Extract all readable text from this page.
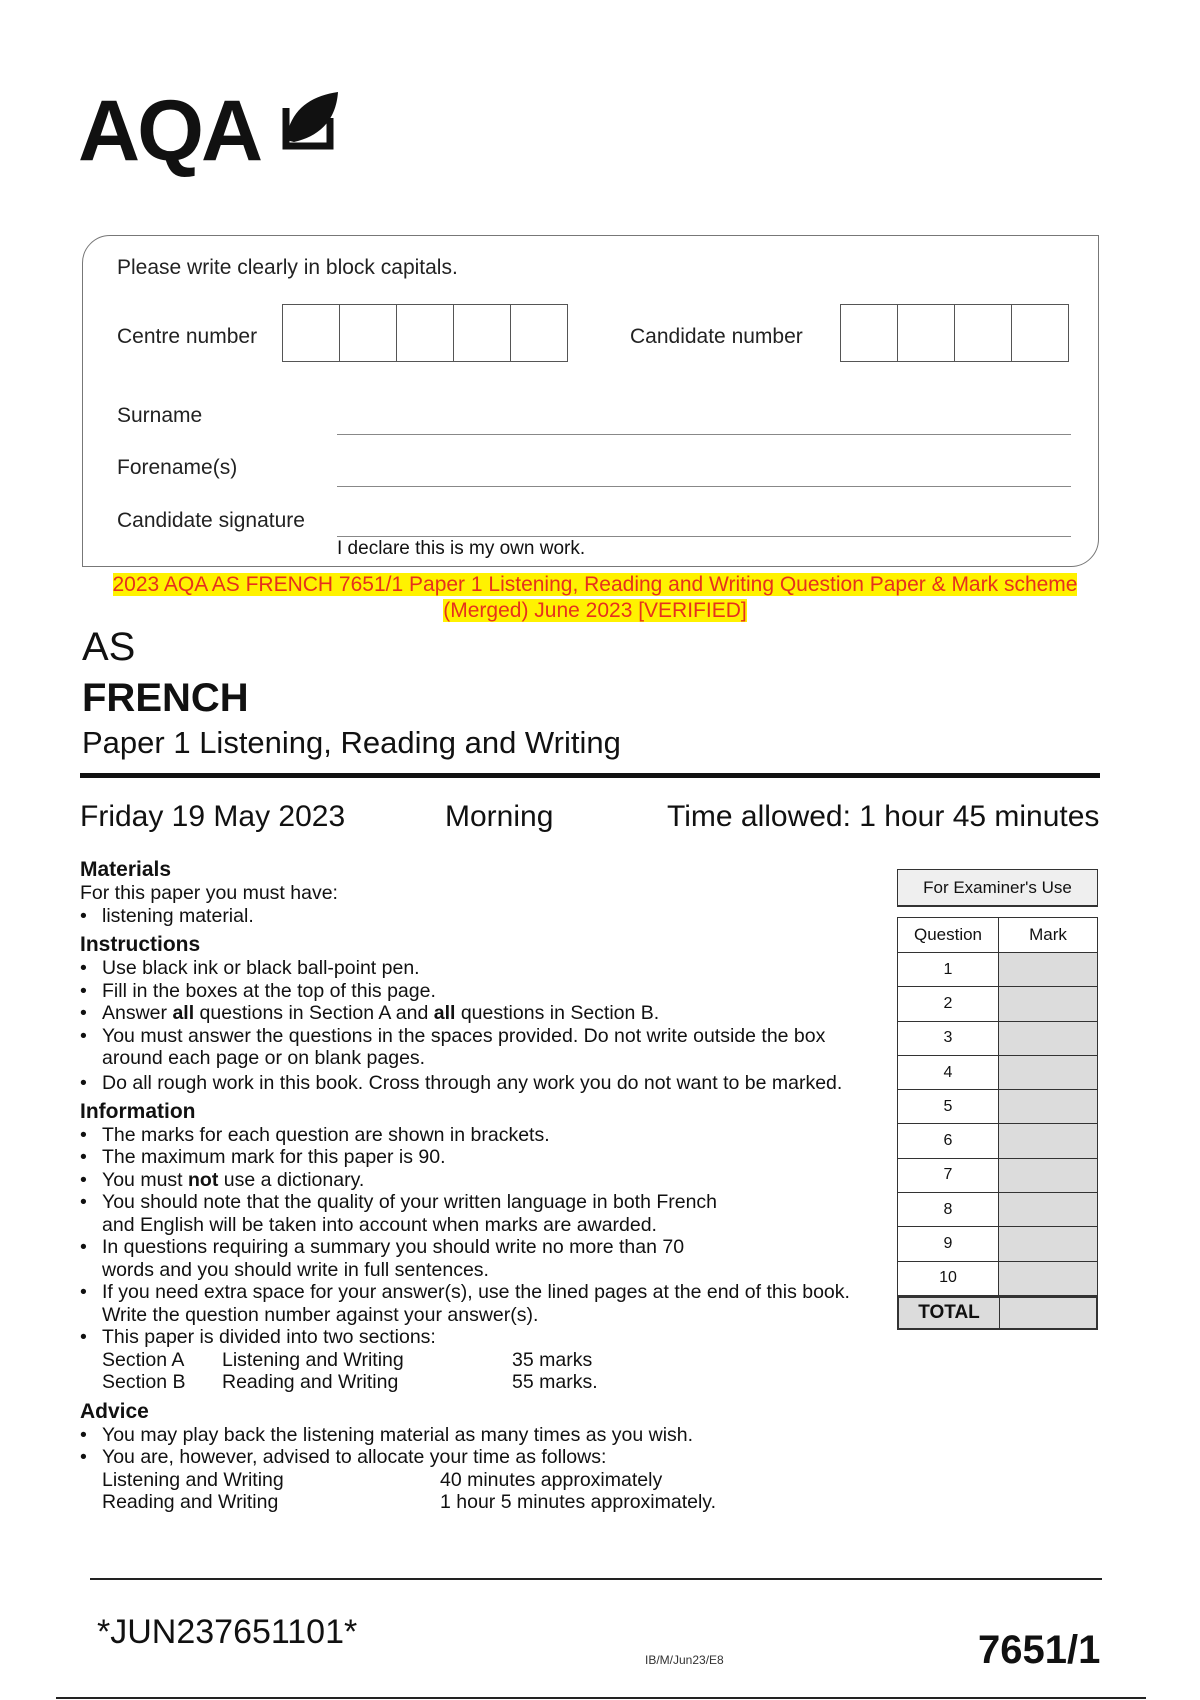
AQA
Please write clearly in block capitals.
Centre number	Candidate number
Surname
Forename(s)
Candidate signature
I declare this is my own work.
2023 AQA AS FRENCH 7651/1 Paper 1 Listening, Reading and Writing Question Paper & Mark scheme
(Merged) June 2023 [VERIFIED]
AS
FRENCH
Paper 1 Listening, Reading and Writing
Friday 19 May 2023	Morning	Time allowed: 1 hour 45 minutes
Materials
For this paper you must have:
• listening material.
Instructions
• Use black ink or black ball-point pen.
• Fill in the boxes at the top of this page.
• Answer all questions in Section A and all questions in Section B.
• You must answer the questions in the spaces provided. Do not write outside the box around each page or on blank pages.
• Do all rough work in this book. Cross through any work you do not want to be marked.
Information
• The marks for each question are shown in brackets.
• The maximum mark for this paper is 90.
• You must not use a dictionary.
• You should note that the quality of your written language in both French and English will be taken into account when marks are awarded.
• In questions requiring a summary you should write no more than 70 words and you should write in full sentences.
• If you need extra space for your answer(s), use the lined pages at the end of this book. Write the question number against your answer(s).
• This paper is divided into two sections:
Section A	Listening and Writing	35 marks
Section B	Reading and Writing	55 marks.
Advice
• You may play back the listening material as many times as you wish.
• You are, however, advised to allocate your time as follows:
Listening and Writing	40 minutes approximately
Reading and Writing	1 hour 5 minutes approximately.
For Examiner's Use
Question	Mark
1
2
3
4
5
6
7
8
9
10
TOTAL
*JUN237651101*
IB/M/Jun23/E8	7651/1
